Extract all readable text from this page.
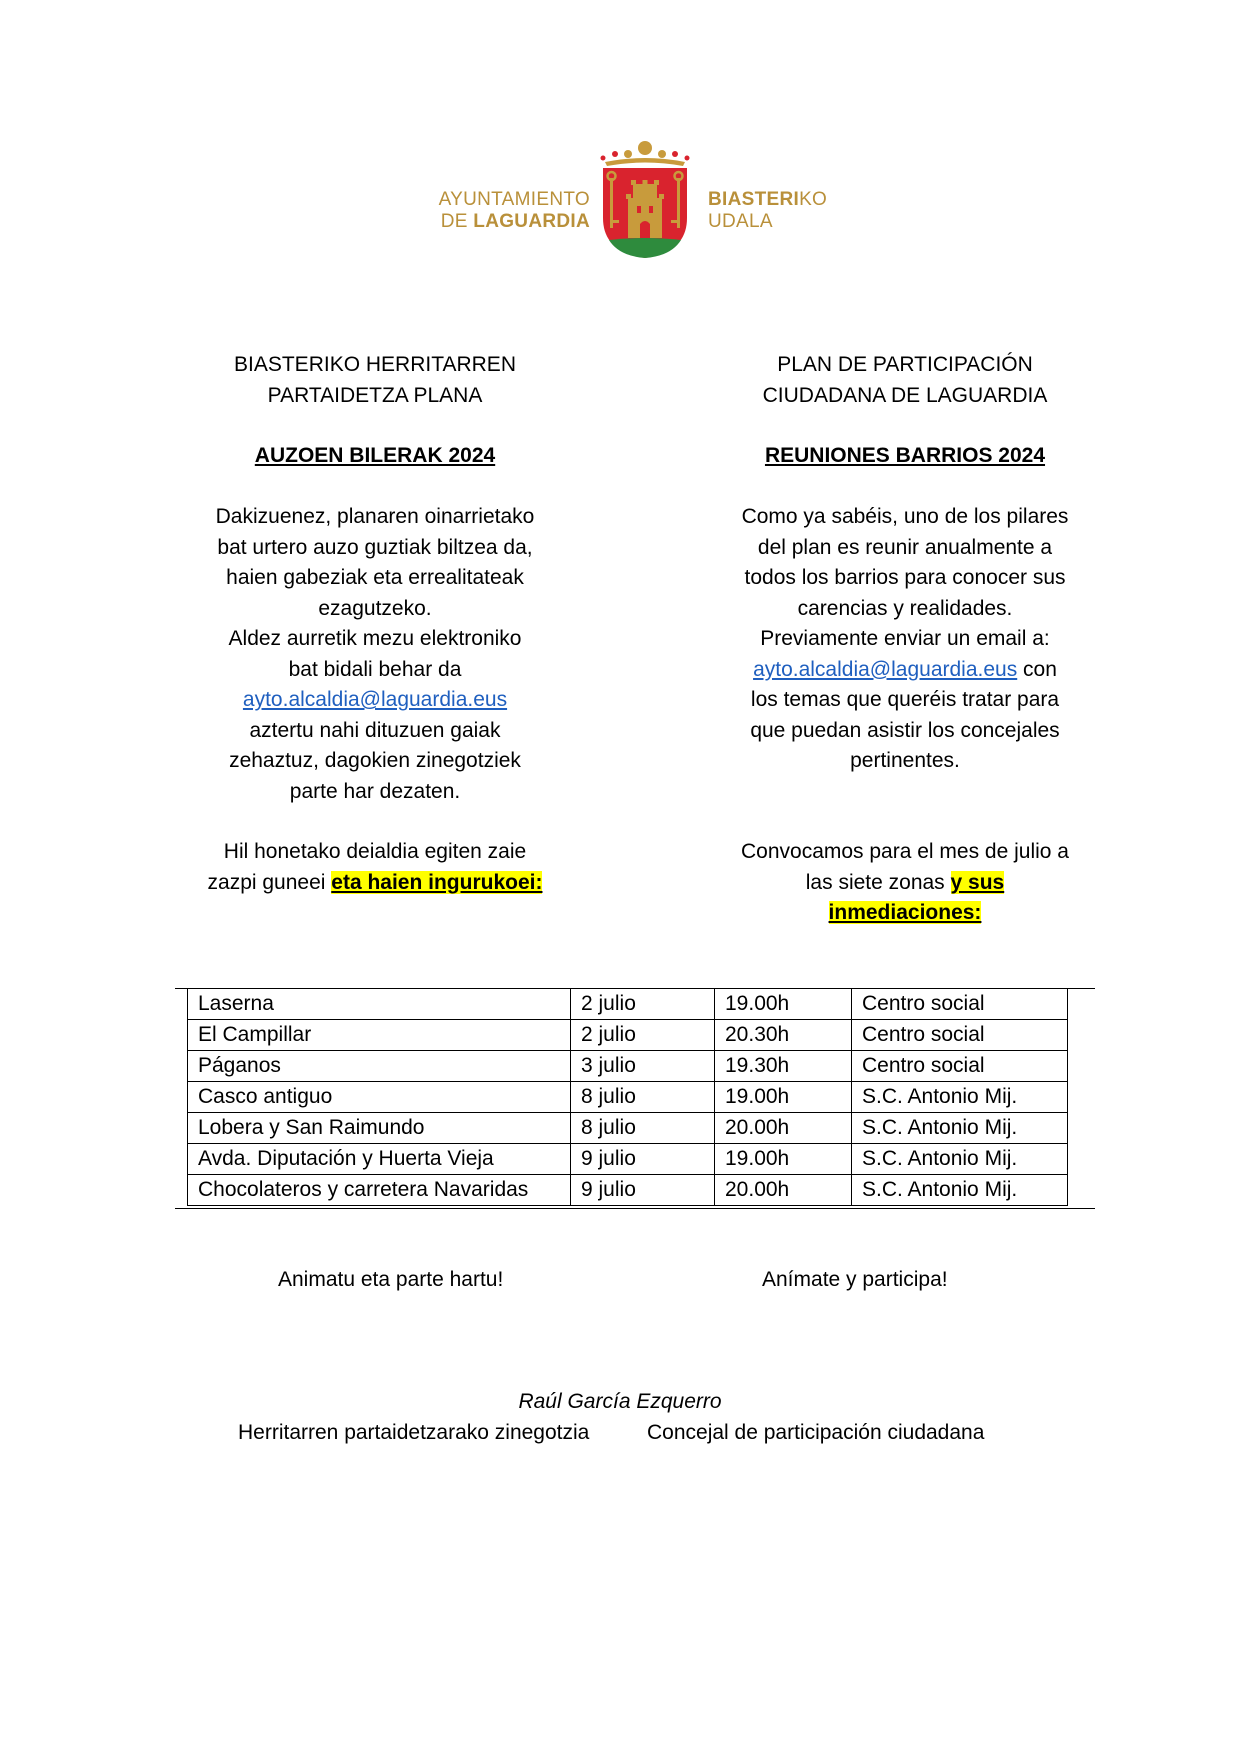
AYUNTAMIENTO
DE LAGUARDIA
BIASTERIKO
UDALA

BIASTERIKO HERRITARREN

PARTAIDETZA PLANA

AUZOEN BILERAK 2024

Dakizuenez, planaren oinarrietako

bat urtero auzo guztiak biltzea da,

haien gabeziak eta errealitateak

ezagutzeko.

Aldez aurretik mezu elektroniko

bat bidali behar da

ayto.alcaldia@laguardia.eus

aztertu nahi dituzuen gaiak

zehaztuz, dagokien zinegotziek

parte har dezaten.

Hil honetako deialdia egiten zaie

zazpi guneei eta haien ingurukoei:

PLAN DE PARTICIPACIÓN

CIUDADANA DE LAGUARDIA

REUNIONES BARRIOS 2024

Como ya sabéis, uno de los pilares

del plan es reunir anualmente a

todos los barrios para conocer sus

carencias y realidades.

Previamente enviar un email a:

ayto.alcaldia@laguardia.eus con

los temas que queréis tratar para

que puedan asistir los concejales

pertinentes.

Convocamos para el mes de julio a

las siete zonas y sus

inmediaciones:

Laserna	2 julio	19.00h	Centro social
El Campillar	2 julio	20.30h	Centro social
Páganos	3 julio	19.30h	Centro social
Casco antiguo	8 julio	19.00h	S.C. Antonio Mij.
Lobera y San Raimundo	8 julio	20.00h	S.C. Antonio Mij.
Avda. Diputación y Huerta Vieja	9 julio	19.00h	S.C. Antonio Mij.
Chocolateros y carretera Navaridas	9 julio	20.00h	S.C. Antonio Mij.
Animatu eta parte hartu!	Anímate y participa!
Raúl García Ezquerro
Herritarren partaidetzarako zinegotzia	Concejal de participación ciudadana
